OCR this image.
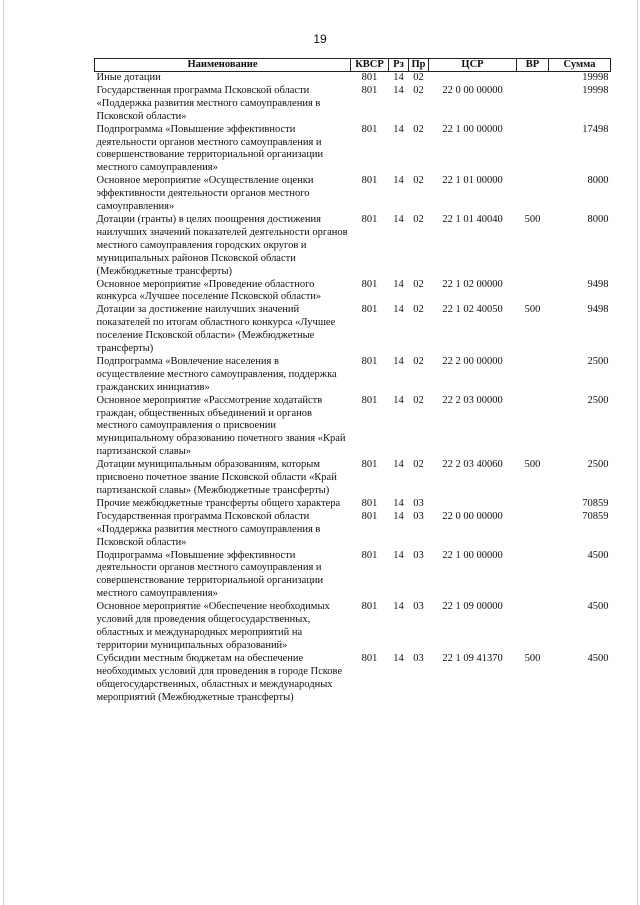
19
Наименование	КВСР	Рз	Пр	ЦСР	ВР	Сумма
Иные дотации	801	14	02			19998
Государственная программа Псковской области «Поддержка развития местного самоуправления в Псковской области»	801	14	02	22 0 00 00000		19998
Подпрограмма «Повышение эффективности деятельности органов местного самоуправления и совершенствование территориальной организации местного самоуправления»	801	14	02	22 1 00 00000		17498
Основное мероприятие «Осуществление оценки эффективности деятельности органов местного самоуправления»	801	14	02	22 1 01 00000		8000
Дотации (гранты) в целях поощрения достижения наилучших значений показателей деятельности органов местного самоуправления городских округов и муниципальных районов Псковской области (Межбюджетные трансферты)	801	14	02	22 1 01 40040	500	8000
Основное мероприятие «Проведение областного конкурса «Лучшее поселение Псковской области»	801	14	02	22 1 02 00000		9498
Дотации за достижение наилучших значений показателей по итогам областного конкурса «Лучшее поселение Псковской области» (Межбюджетные трансферты)	801	14	02	22 1 02 40050	500	9498
Подпрограмма «Вовлечение населения в осуществление местного самоуправления, поддержка гражданских инициатив»	801	14	02	22 2 00 00000		2500
Основное мероприятие «Рассмотрение ходатайств граждан, общественных объединений и органов местного самоуправления о присвоении муниципальному образованию почетного звания «Край партизанской славы»	801	14	02	22 2 03 00000		2500
Дотации муниципальным образованиям, которым присвоено почетное звание Псковской области «Край партизанской славы» (Межбюджетные трансферты)	801	14	02	22 2 03 40060	500	2500
Прочие межбюджетные трансферты общего характера	801	14	03			70859
Государственная программа Псковской области «Поддержка развития местного самоуправления в Псковской области»	801	14	03	22 0 00 00000		70859
Подпрограмма «Повышение эффективности деятельности органов местного самоуправления и совершенствование территориальной организации местного самоуправления»	801	14	03	22 1 00 00000		4500
Основное мероприятие «Обеспечение необходимых условий для проведения общегосударственных, областных и международных мероприятий на территории муниципальных образований»	801	14	03	22 1 09 00000		4500
Субсидии местным бюджетам на обеспечение необходимых условий для проведения в городе Пскове общегосударственных, областных и международных мероприятий (Межбюджетные трансферты)	801	14	03	22 1 09 41370	500	4500
